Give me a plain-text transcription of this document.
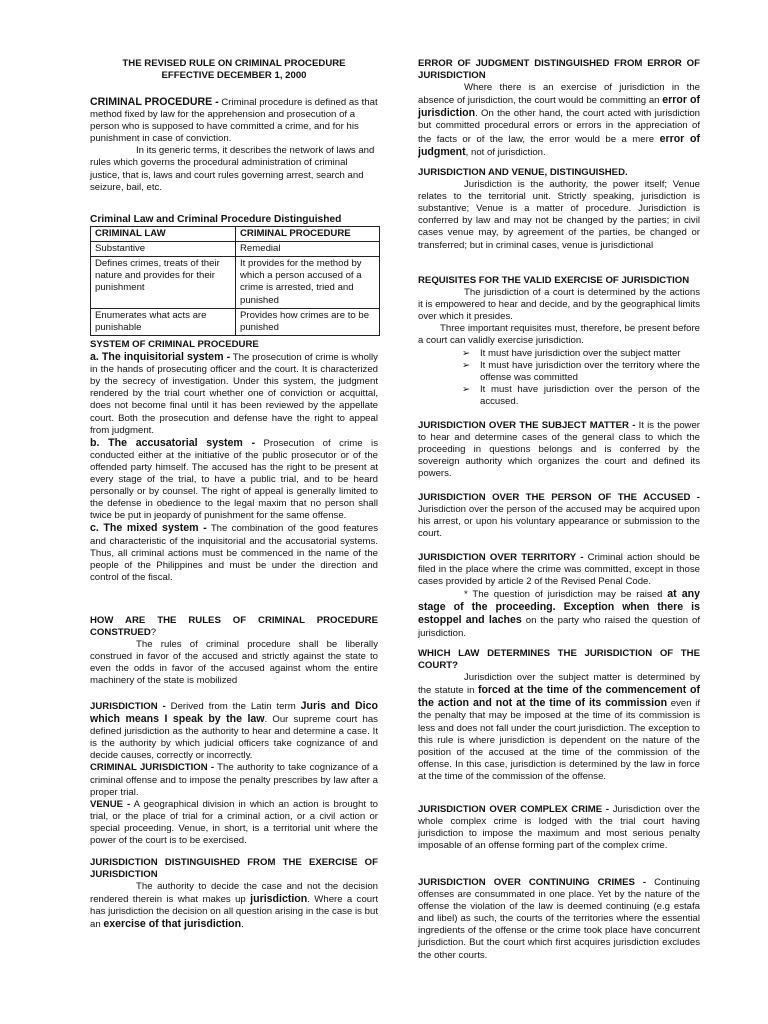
THE REVISED RULE ON CRIMINAL PROCEDURE

EFFECTIVE DECEMBER 1, 2000

CRIMINAL PROCEDURE - Criminal procedure is defined as that method fixed by law for the apprehension and prosecution of a person who is supposed to have committed a crime, and for his punishment in case of conviction.

In its generic terms, it describes the network of laws and rules which governs the procedural administration of criminal justice, that is, laws and court rules governing arrest, search and seizure, bail, etc.

Criminal Law and Criminal Procedure Distinguished

CRIMINAL LAW	CRIMINAL PROCEDURE
Substantive	Remedial
Defines crimes, treats of their nature and provides for their punishment	It provides for the method by which a person accused of a crime is arrested, tried and punished
Enumerates what acts are punishable	Provides how crimes are to be punished

SYSTEM OF CRIMINAL PROCEDURE

a. The inquisitorial system - The prosecution of crime is wholly in the hands of prosecuting officer and the court. It is characterized by the secrecy of investigation. Under this system, the judgment rendered by the trial court whether one of conviction or acquittal, does not become final until it has been reviewed by the appellate court. Both the prosecution and defense have the right to appeal from judgment.

b. The accusatorial system - Prosecution of crime is conducted either at the initiative of the public prosecutor or of the offended party himself. The accused has the right to be present at every stage of the trial, to have a public trial, and to be heard personally or by counsel. The right of appeal is generally limited to the defense in obedience to the legal maxim that no person shall twice be put in jeopardy of punishment for the same offense.

c. The mixed system - The combination of the good features and characteristic of the inquisitorial and the accusatorial systems. Thus, all criminal actions must be commenced in the name of the people of the Philippines and must be under the direction and control of the fiscal.

HOW ARE THE RULES OF CRIMINAL PROCEDURE CONSTRUED?

The rules of criminal procedure shall be liberally construed in favor of the accused and strictly against the state to even the odds in favor of the accused against whom the entire machinery of the state is mobilized

JURISDICTION - Derived from the Latin term Juris and Dico which means I speak by the law. Our supreme court has defined jurisdiction as the authority to hear and determine a case. It is the authority by which judicial officers take cognizance of and decide causes, correctly or incorrectly.

CRIMINAL JURISDICTION - The authority to take cognizance of a criminal offense and to impose the penalty prescribes by law after a proper trial.

VENUE - A geographical division in which an action is brought to trial, or the place of trial for a criminal action, or a civil action or special proceeding. Venue, in short, is a territorial unit where the power of the court is to be exercised.

JURISDICTION DISTINGUISHED FROM THE EXERCISE OF JURISDICTION

The authority to decide the case and not the decision rendered therein is what makes up jurisdiction. Where a court has jurisdiction the decision on all question arising in the case is but an exercise of that jurisdiction.

ERROR OF JUDGMENT DISTINGUISHED FROM ERROR OF JURISDICTION

Where there is an exercise of jurisdiction in the absence of jurisdiction, the court would be committing an error of jurisdiction. On the other hand, the court acted with jurisdiction but committed procedural errors or errors in the appreciation of the facts or of the law, the error would be a mere error of judgment, not of jurisdiction.

JURISDICTION AND VENUE, DISTINGUISHED.

Jurisdiction is the authority, the power itself; Venue relates to the territorial unit. Strictly speaking, jurisdiction is substantive; Venue is a matter of procedure. Jurisdiction is conferred by law and may not be changed by the parties; in civil cases venue may, by agreement of the parties, be changed or transferred; but in criminal cases, venue is jurisdictional

REQUISITES FOR THE VALID EXERCISE OF JURISDICTION

The jurisdiction of a court is determined by the actions it is empowered to hear and decide, and by the geographical limits over which it presides.

Three important requisites must, therefore, be present before a court can validly exercise jurisdiction.

➢ It must have jurisdiction over the subject matter
➢ It must have jurisdiction over the territory where the offense was committed
➢ It must have jurisdiction over the person of the accused.

JURISDICTION OVER THE SUBJECT MATTER - It is the power to hear and determine cases of the general class to which the proceeding in questions belongs and is conferred by the sovereign authority which organizes the court and defined its powers.

JURISDICTION OVER THE PERSON OF THE ACCUSED - Jurisdiction over the person of the accused may be acquired upon his arrest, or upon his voluntary appearance or submission to the court.

JURISDICTION OVER TERRITORY - Criminal action should be filed in the place where the crime was committed, except in those cases provided by article 2 of the Revised Penal Code.

* The question of jurisdiction may be raised at any stage of the proceeding. Exception when there is estoppel and laches on the party who raised the question of jurisdiction.

WHICH LAW DETERMINES THE JURISDICTION OF THE COURT?

Jurisdiction over the subject matter is determined by the statute in forced at the time of the commencement of the action and not at the time of its commission even if the penalty that may be imposed at the time of its commission is less and does not fall under the court jurisdiction. The exception to this rule is where jurisdiction is dependent on the nature of the position of the accused at the time of the commission of the offense. In this case, jurisdiction is determined by the law in force at the time of the commission of the offense.

JURISDICTION OVER COMPLEX CRIME - Jurisdiction over the whole complex crime is lodged with the trial court having jurisdiction to impose the maximum and most serious penalty imposable of an offense forming part of the complex crime.

JURISDICTION OVER CONTINUING CRIMES - Continuing offenses are consummated in one place. Yet by the nature of the offense the violation of the law is deemed continuing (e.g estafa and libel) as such, the courts of the territories where the essential ingredients of the offense or the crime took place have concurrent jurisdiction. But the court which first acquires jurisdiction excludes the other courts.
